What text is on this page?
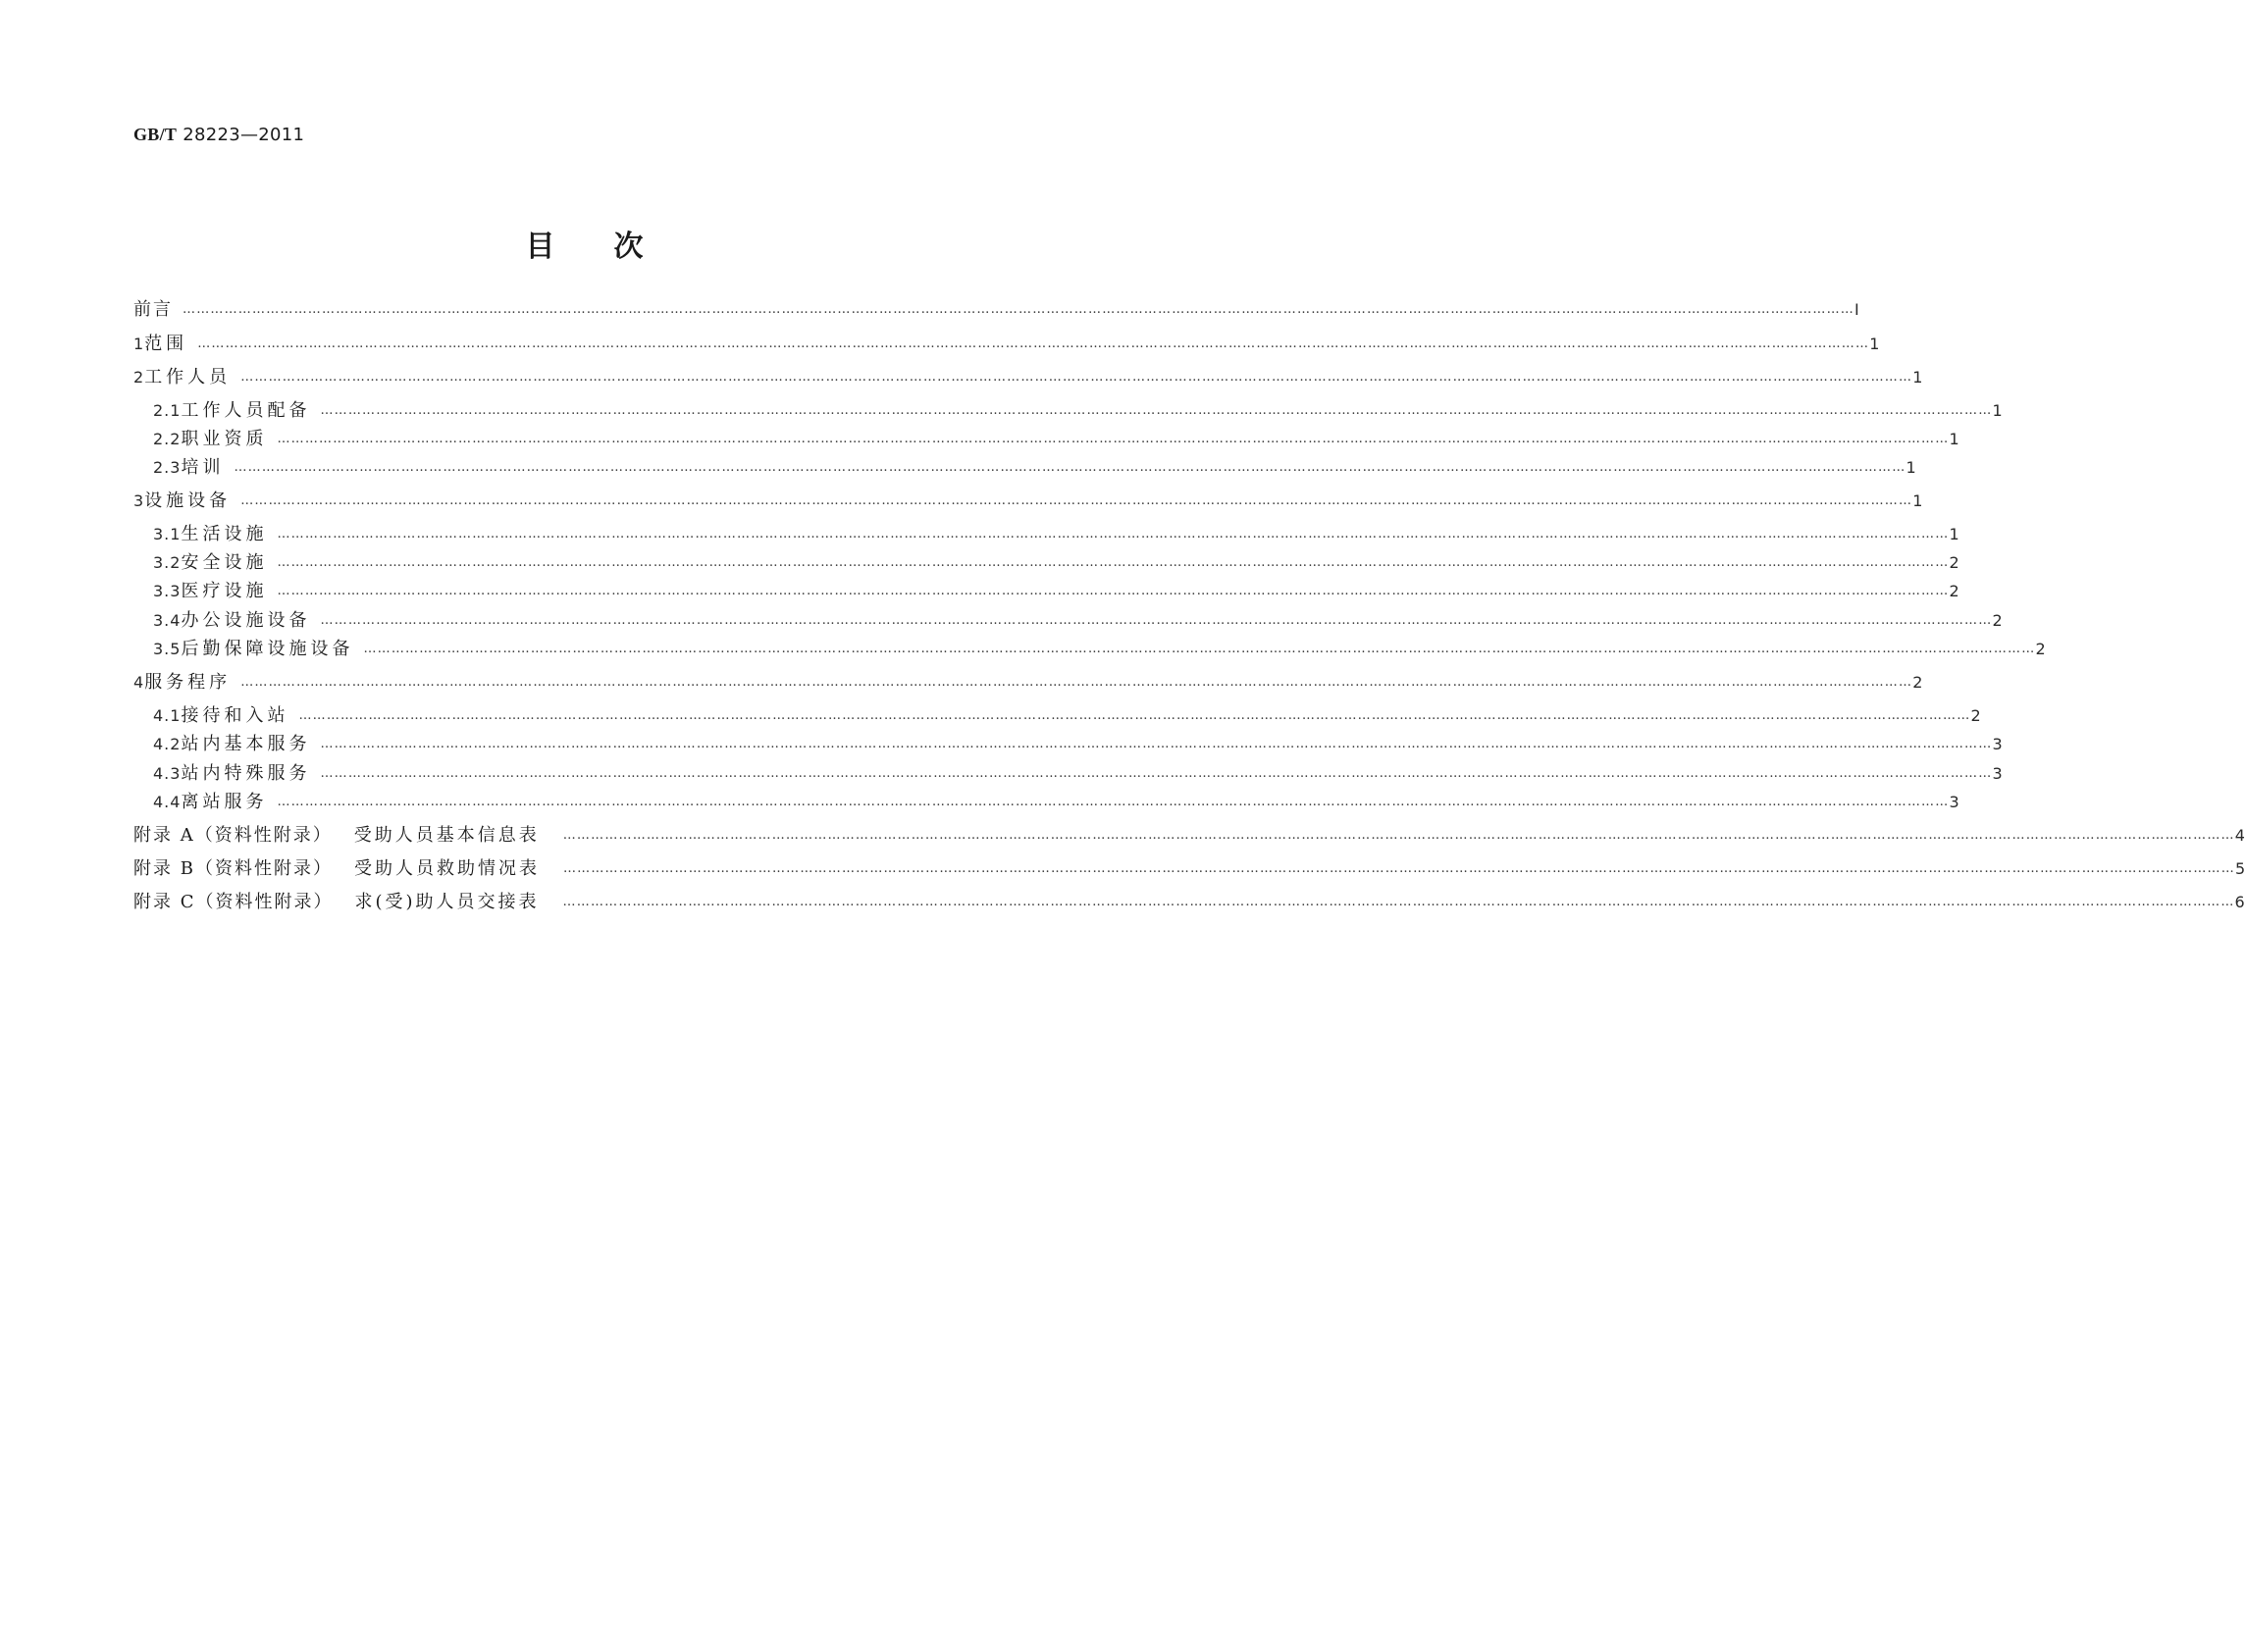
GB/T 28223—2011
目次
前言 ……………………………………………………………………………………………………………………………………………………………………………………………………………………………………………………………………………………………………………………………… Ⅰ
1 范围 ……………………………………………………………………………………………………………………………………………………………………………………………………………………………………………………………………………………………………………………………… 1
2 工作人员 ……………………………………………………………………………………………………………………………………………………………………………………………………………………………………………………………………………………………………………………………… 1
2.1 工作人员配备 ……………………………………………………………………………………………………………………………………………………………………………………………………………………………………………………………………………………………………………………………… 1
2.2 职业资质 ……………………………………………………………………………………………………………………………………………………………………………………………………………………………………………………………………………………………………………………………… 1
2.3 培训 ……………………………………………………………………………………………………………………………………………………………………………………………………………………………………………………………………………………………………………………………… 1
3 设施设备 ……………………………………………………………………………………………………………………………………………………………………………………………………………………………………………………………………………………………………………………………… 1
3.1 生活设施 ……………………………………………………………………………………………………………………………………………………………………………………………………………………………………………………………………………………………………………………………… 1
3.2 安全设施 ……………………………………………………………………………………………………………………………………………………………………………………………………………………………………………………………………………………………………………………………… 2
3.3 医疗设施 ……………………………………………………………………………………………………………………………………………………………………………………………………………………………………………………………………………………………………………………………… 2
3.4 办公设施设备 ……………………………………………………………………………………………………………………………………………………………………………………………………………………………………………………………………………………………………………………………… 2
3.5 后勤保障设施设备 ……………………………………………………………………………………………………………………………………………………………………………………………………………………………………………………………………………………………………………………………… 2
4 服务程序 ……………………………………………………………………………………………………………………………………………………………………………………………………………………………………………………………………………………………………………………………… 2
4.1 接待和入站 ……………………………………………………………………………………………………………………………………………………………………………………………………………………………………………………………………………………………………………………………… 2
4.2 站内基本服务 ……………………………………………………………………………………………………………………………………………………………………………………………………………………………………………………………………………………………………………………………… 3
4.3 站内特殊服务 ……………………………………………………………………………………………………………………………………………………………………………………………………………………………………………………………………………………………………………………………… 3
4.4 离站服务 ……………………………………………………………………………………………………………………………………………………………………………………………………………………………………………………………………………………………………………………………… 3
附录 A（资料性附录） 受助人员基本信息表	……………………………………………………………………………………………………………………………………………………………………………………………………………………………………………………………………………………………………………………………… 4
附录 B（资料性附录） 受助人员救助情况表	……………………………………………………………………………………………………………………………………………………………………………………………………………………………………………………………………………………………………………………………… 5
附录 C（资料性附录） 求(受)助人员交接表	……………………………………………………………………………………………………………………………………………………………………………………………………………………………………………………………………………………………………………………………… 6
